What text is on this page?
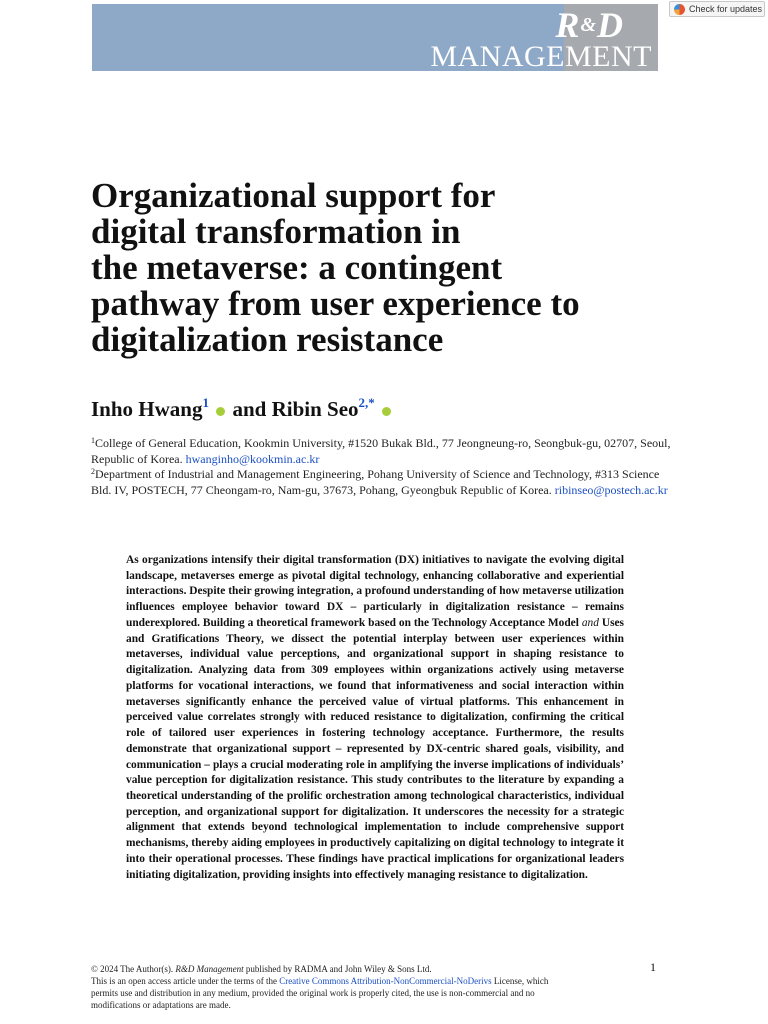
R&D
MANAGEMENT
Check for updates
Organizational support for
digital transformation in
the metaverse: a contingent
pathway from user experience to
digitalization resistance

Inho Hwang$^1$  and Ribin Seo$^{2,*}$

$^1$College of General Education, Kookmin University, #1520 Bukak Bld., 77 Jeongneung-ro, Seongbuk-gu, 02707, Seoul, Republic of Korea. hwanginho@kookmin.ac.kr

$^2$Department of Industrial and Management Engineering, Pohang University of Science and Technology, #313 Science Bld. IV, POSTECH, 77 Cheongam-ro, Nam-gu, 37673, Pohang, Gyeongbuk Republic of Korea. ribinseo@postech.ac.kr

As organizations intensify their digital transformation (DX) initiatives to navigate the evolving digital landscape, metaverses emerge as pivotal digital technology, enhancing collaborative and experiential interactions. Despite their growing integration, a profound understanding of how metaverse utilization influences employee behavior toward DX – particularly in digitalization resistance – remains underexplored. Building a theoretical framework based on the Technology Acceptance Model and Uses and Gratifications Theory, we dissect the potential interplay between user experiences within metaverses, individual value perceptions, and organizational support in shaping resistance to digitalization. Analyzing data from 309 employees within organizations actively using metaverse platforms for vocational interactions, we found that informativeness and social interaction within metaverses significantly enhance the perceived value of virtual platforms. This enhancement in perceived value correlates strongly with reduced resistance to digitalization, confirming the critical role of tailored user experiences in fostering technology acceptance. Furthermore, the results demonstrate that organizational support – represented by DX-centric shared goals, visibility, and communication – plays a crucial moderating role in amplifying the inverse implications of individuals’ value perception for digitalization resistance. This study contributes to the literature by expanding a theoretical understanding of the prolific orchestration among technological characteristics, individual perception, and organizational support for digitalization. It underscores the necessity for a strategic alignment that extends beyond technological implementation to include comprehensive support mechanisms, thereby aiding employees in productively capitalizing on digital technology to integrate it into their operational processes. These findings have practical implications for organizational leaders initiating digitalization, providing insights into effectively managing resistance to digitalization.

© 2024 The Author(s). R&D Management published by RADMA and John Wiley & Sons Ltd.
This is an open access article under the terms of the Creative Commons Attribution-NonCommercial-NoDerivs License, which permits use and distribution in any medium, provided the original work is properly cited, the use is non-commercial and no modifications or adaptations are made.
1
